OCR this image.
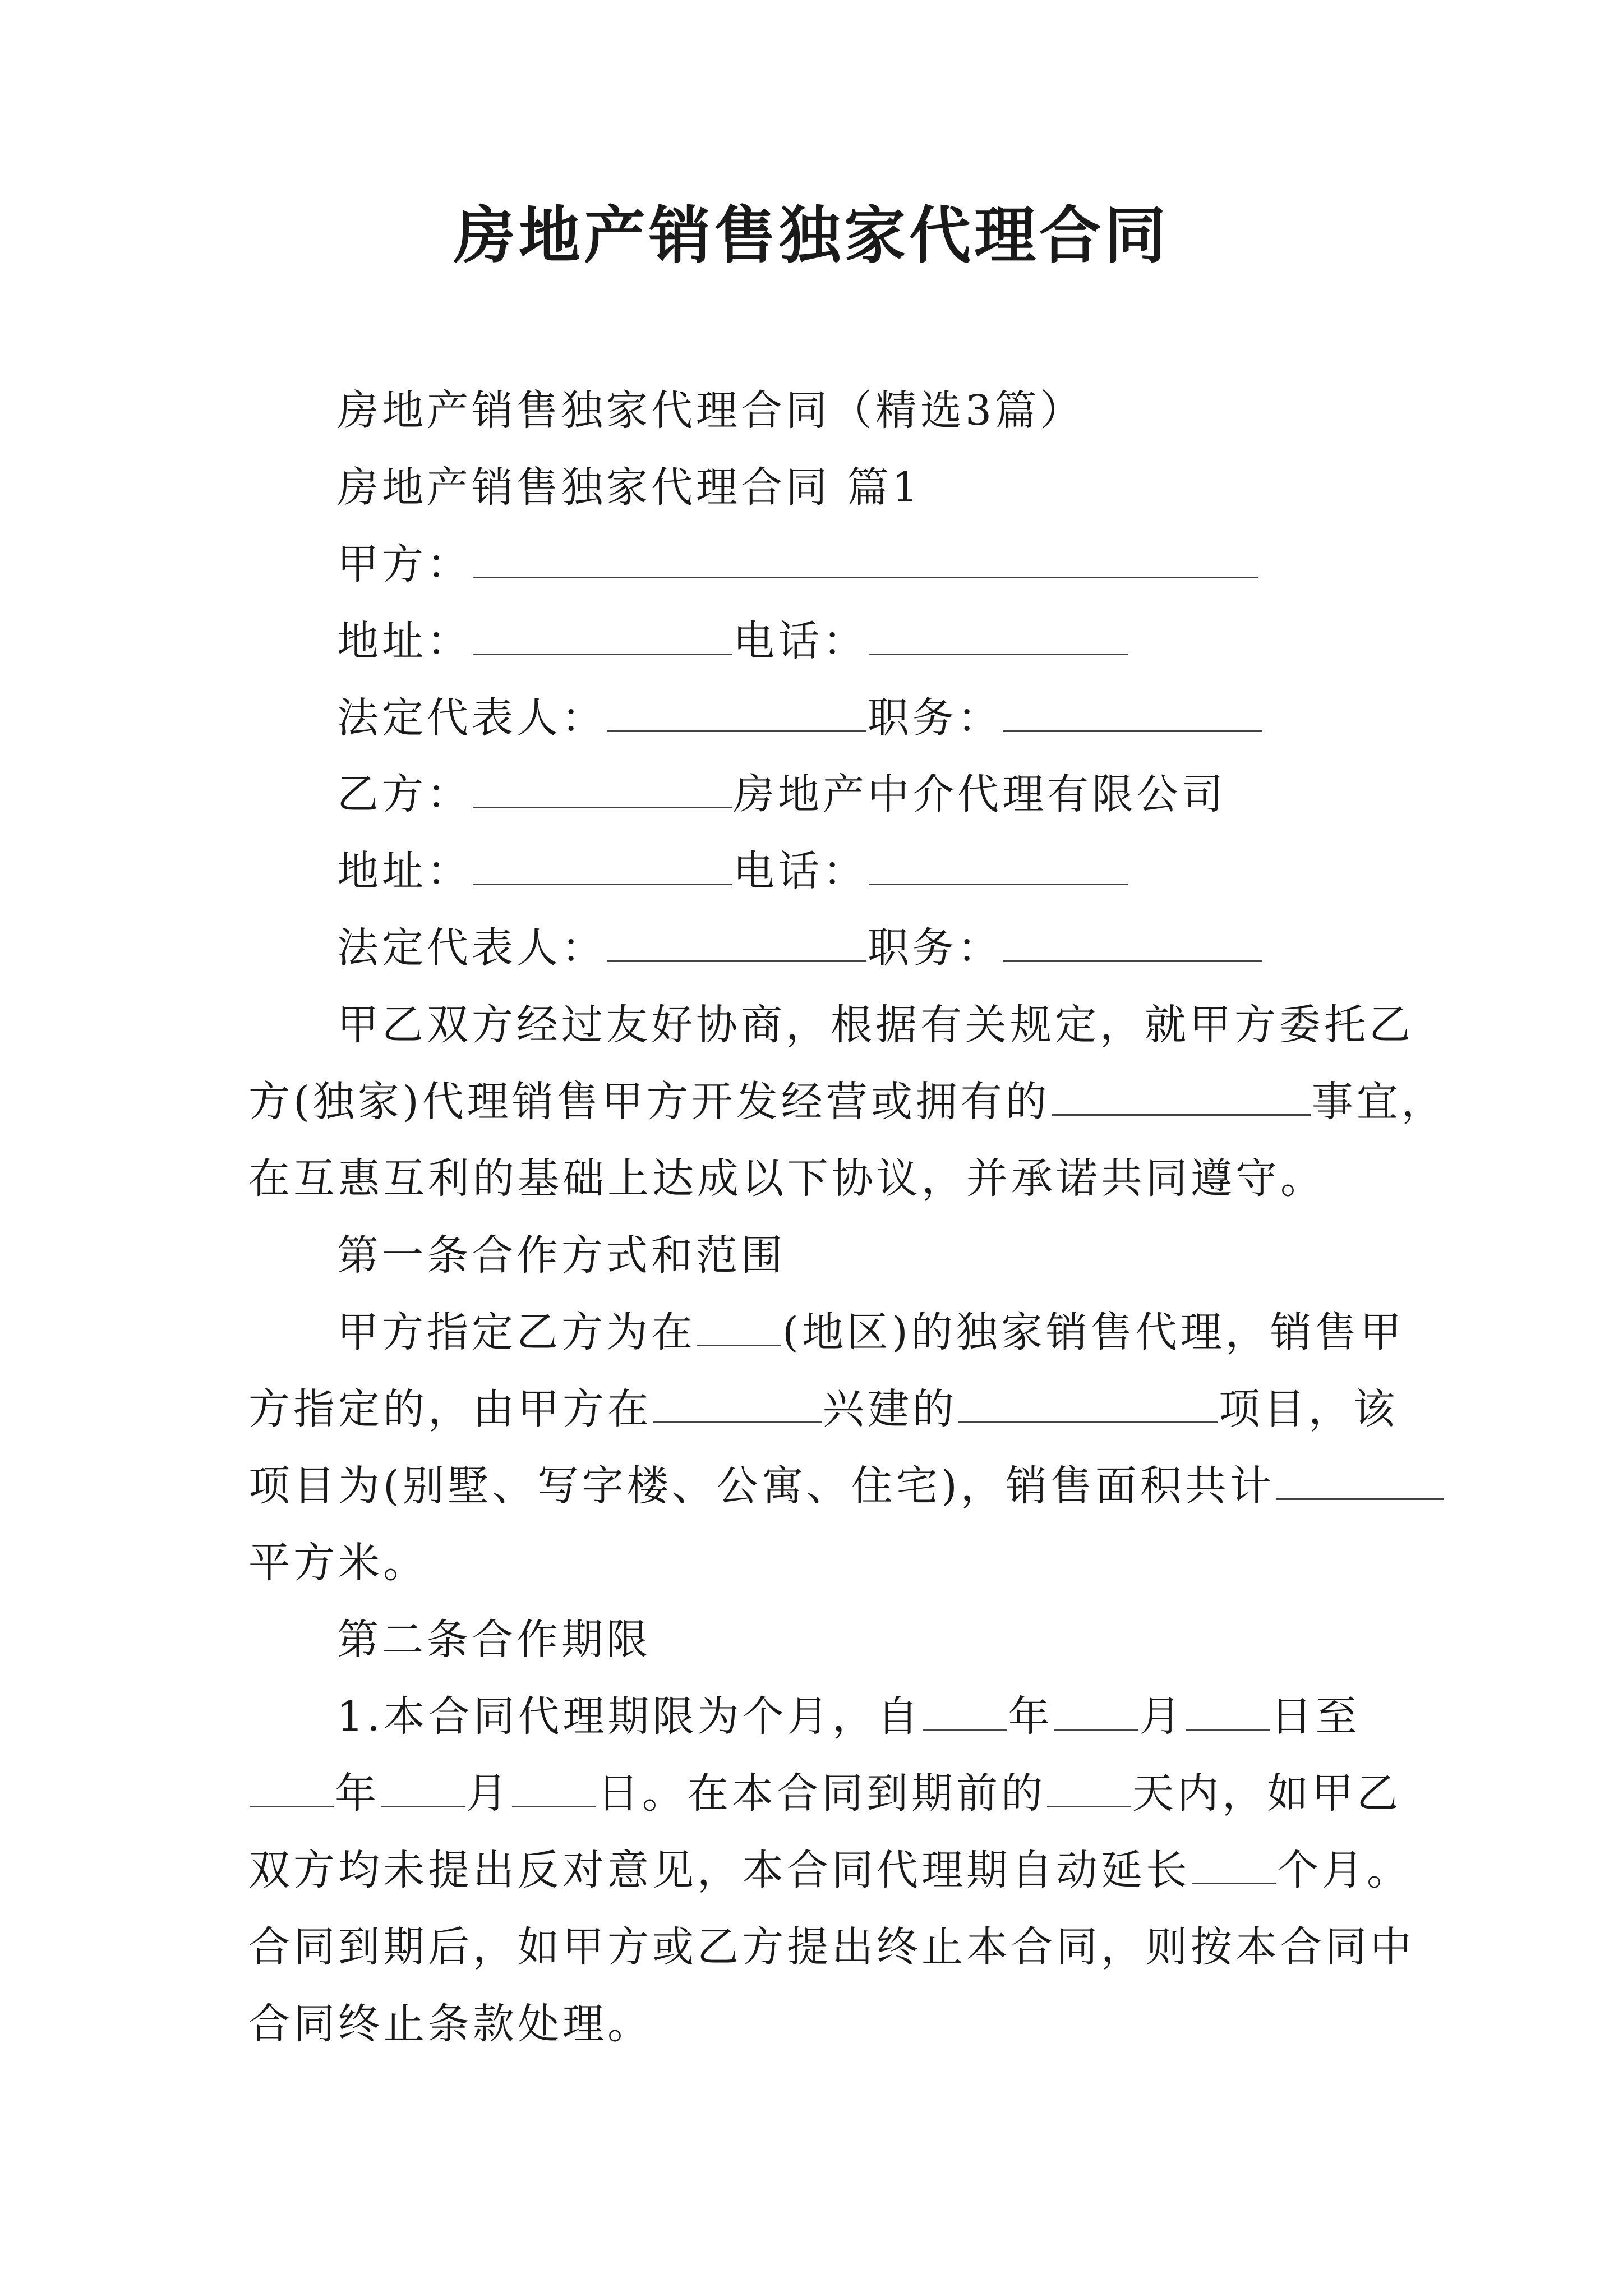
房地产销售独家代理合同
房地产销售独家代理合同（精选3篇）
房地产销售独家代理合同 篇1
甲方：
地址：	电话：
法定代表人：	职务：
乙方：	房地产中介代理有限公司
地址：	电话：
法定代表人：	职务：
甲乙双方经过友好协商，根据有关规定，就甲方委托乙
方(独家)代理销售甲方开发经营或拥有的	事宜，
在互惠互利的基础上达成以下协议，并承诺共同遵守。
第一条合作方式和范围
甲方指定乙方为在 (地区)的独家销售代理，销售甲
方指定的，由甲方在	兴建的	项目，该
项目为(别墅、写字楼、公寓、住宅)，销售面积共计
平方米。
第二条合作期限
1.本合同代理期限为个月，自 年 月 日至
年 月 日。在本合同到期前的 天内，如甲乙
双方均未提出反对意见，本合同代理期自动延长 个月。
合同到期后，如甲方或乙方提出终止本合同，则按本合同中
合同终止条款处理。
